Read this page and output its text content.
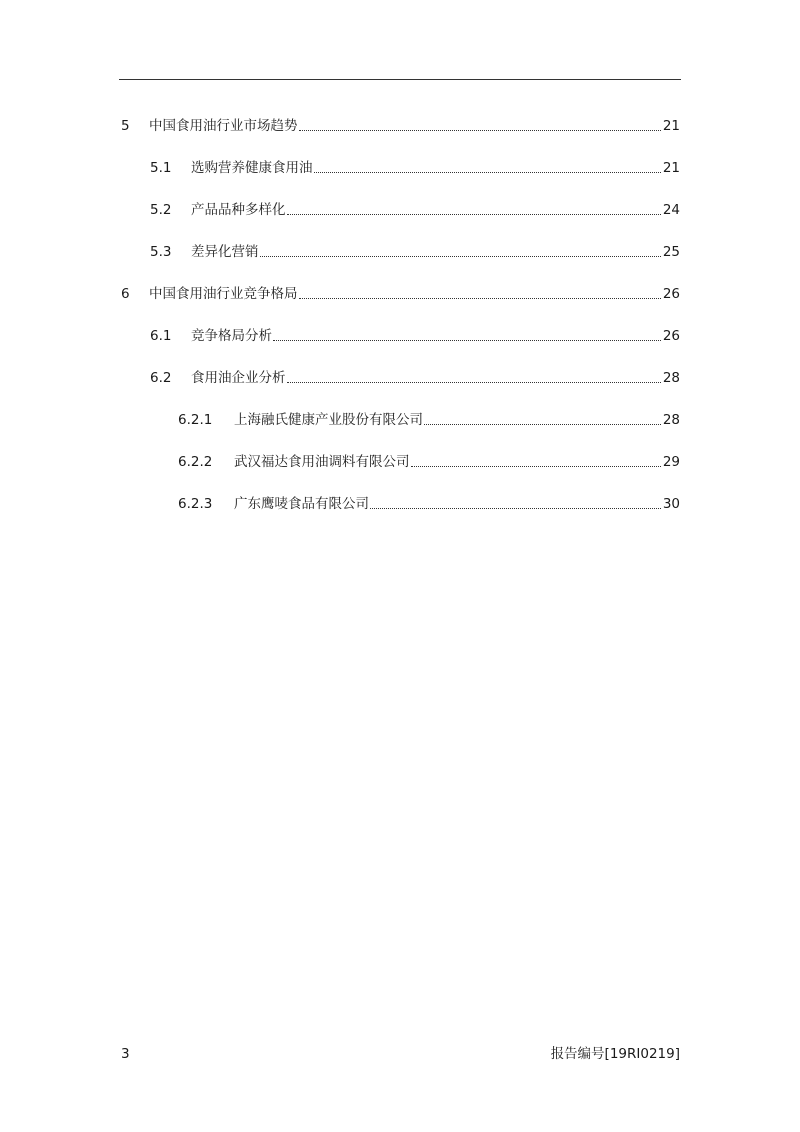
5	中国食用油行业市场趋势	21
5.1	选购营养健康食用油	21
5.2	产品品种多样化	24
5.3	差异化营销	25
6	中国食用油行业竞争格局	26
6.1	竞争格局分析	26
6.2	食用油企业分析	28
6.2.1	上海融氏健康产业股份有限公司	28
6.2.2	武汉福达食用油调料有限公司	29
6.2.3	广东鹰唛食品有限公司	30
3	报告编号[19RI0219]
